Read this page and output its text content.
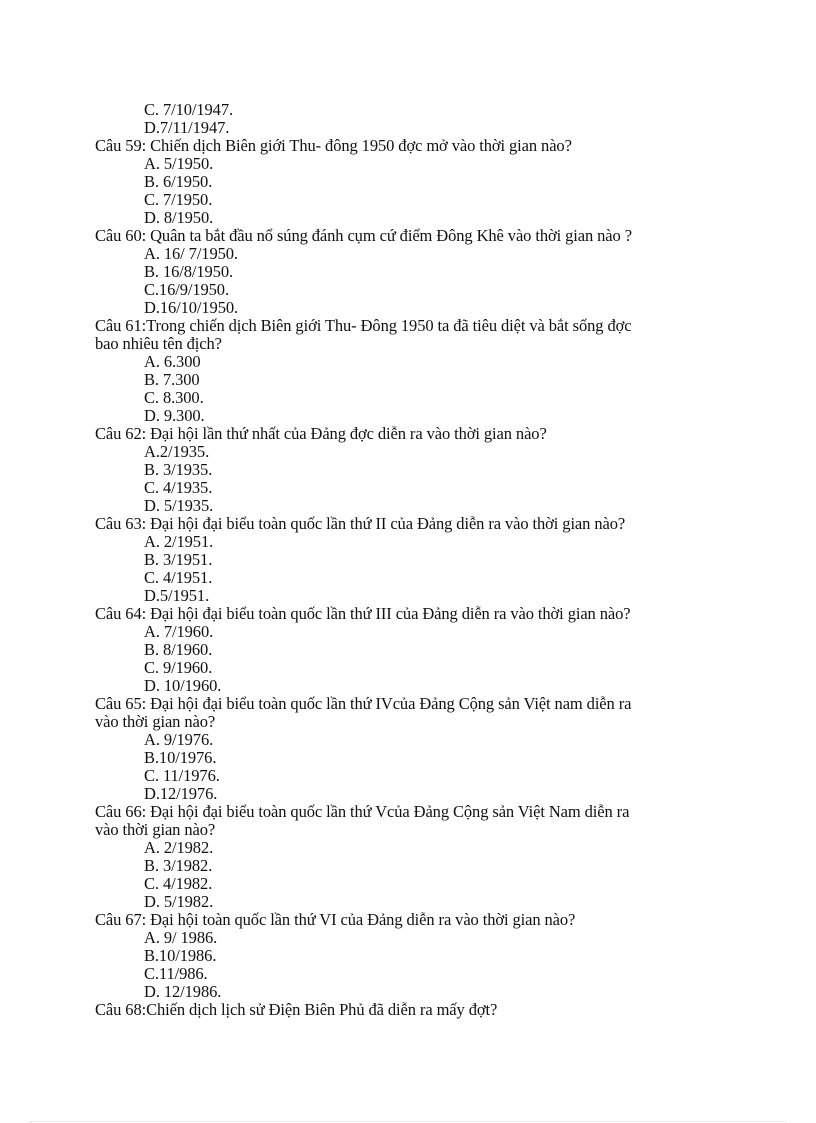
C. 7/10/1947.
D.7/11/1947.
Câu 59: Chiến dịch Biên giới Thu- đông 1950 đợc mở vào thời gian nào?
A. 5/1950.
B. 6/1950.
C. 7/1950.
D. 8/1950.
Câu 60: Quân ta bắt đầu nổ súng đánh cụm cứ điểm Đông Khê vào thời gian nào ?
A. 16/ 7/1950.
B. 16/8/1950.
C.16/9/1950.
D.16/10/1950.
Câu 61:Trong chiến dịch Biên giới Thu- Đông 1950 ta đã tiêu diệt và bắt sống đợc
bao nhiêu tên địch?
A. 6.300
B. 7.300
C. 8.300.
D. 9.300.
Câu 62: Đại hội lần thứ nhất của Đảng đợc diễn ra vào thời gian nào?
A.2/1935.
B. 3/1935.
C. 4/1935.
D. 5/1935.
Câu 63: Đại hội đại biểu toàn quốc lần thứ II của Đảng diễn ra vào thời gian nào?
A. 2/1951.
B. 3/1951.
C. 4/1951.
D.5/1951.
Câu 64: Đại hội đại biểu toàn quốc lần thứ III của Đảng diễn ra vào thời gian nào?
A. 7/1960.
B. 8/1960.
C. 9/1960.
D. 10/1960.
Câu 65: Đại hội đại biểu toàn quốc lần thứ IVcủa Đảng Cộng sản Việt nam diễn ra
vào thời gian nào?
A. 9/1976.
B.10/1976.
C. 11/1976.
D.12/1976.
Câu 66: Đại hội đại biểu toàn quốc lần thứ Vcủa Đảng Cộng sản Việt Nam diễn ra
vào thời gian nào?
A. 2/1982.
B. 3/1982.
C. 4/1982.
D. 5/1982.
Câu 67: Đại hội toàn quốc lần thứ VI của Đảng diễn ra vào thời gian nào?
A. 9/ 1986.
B.10/1986.
C.11/986.
D. 12/1986.
Câu 68:Chiến dịch lịch sử Điện Biên Phủ đã diễn ra mấy đợt?
